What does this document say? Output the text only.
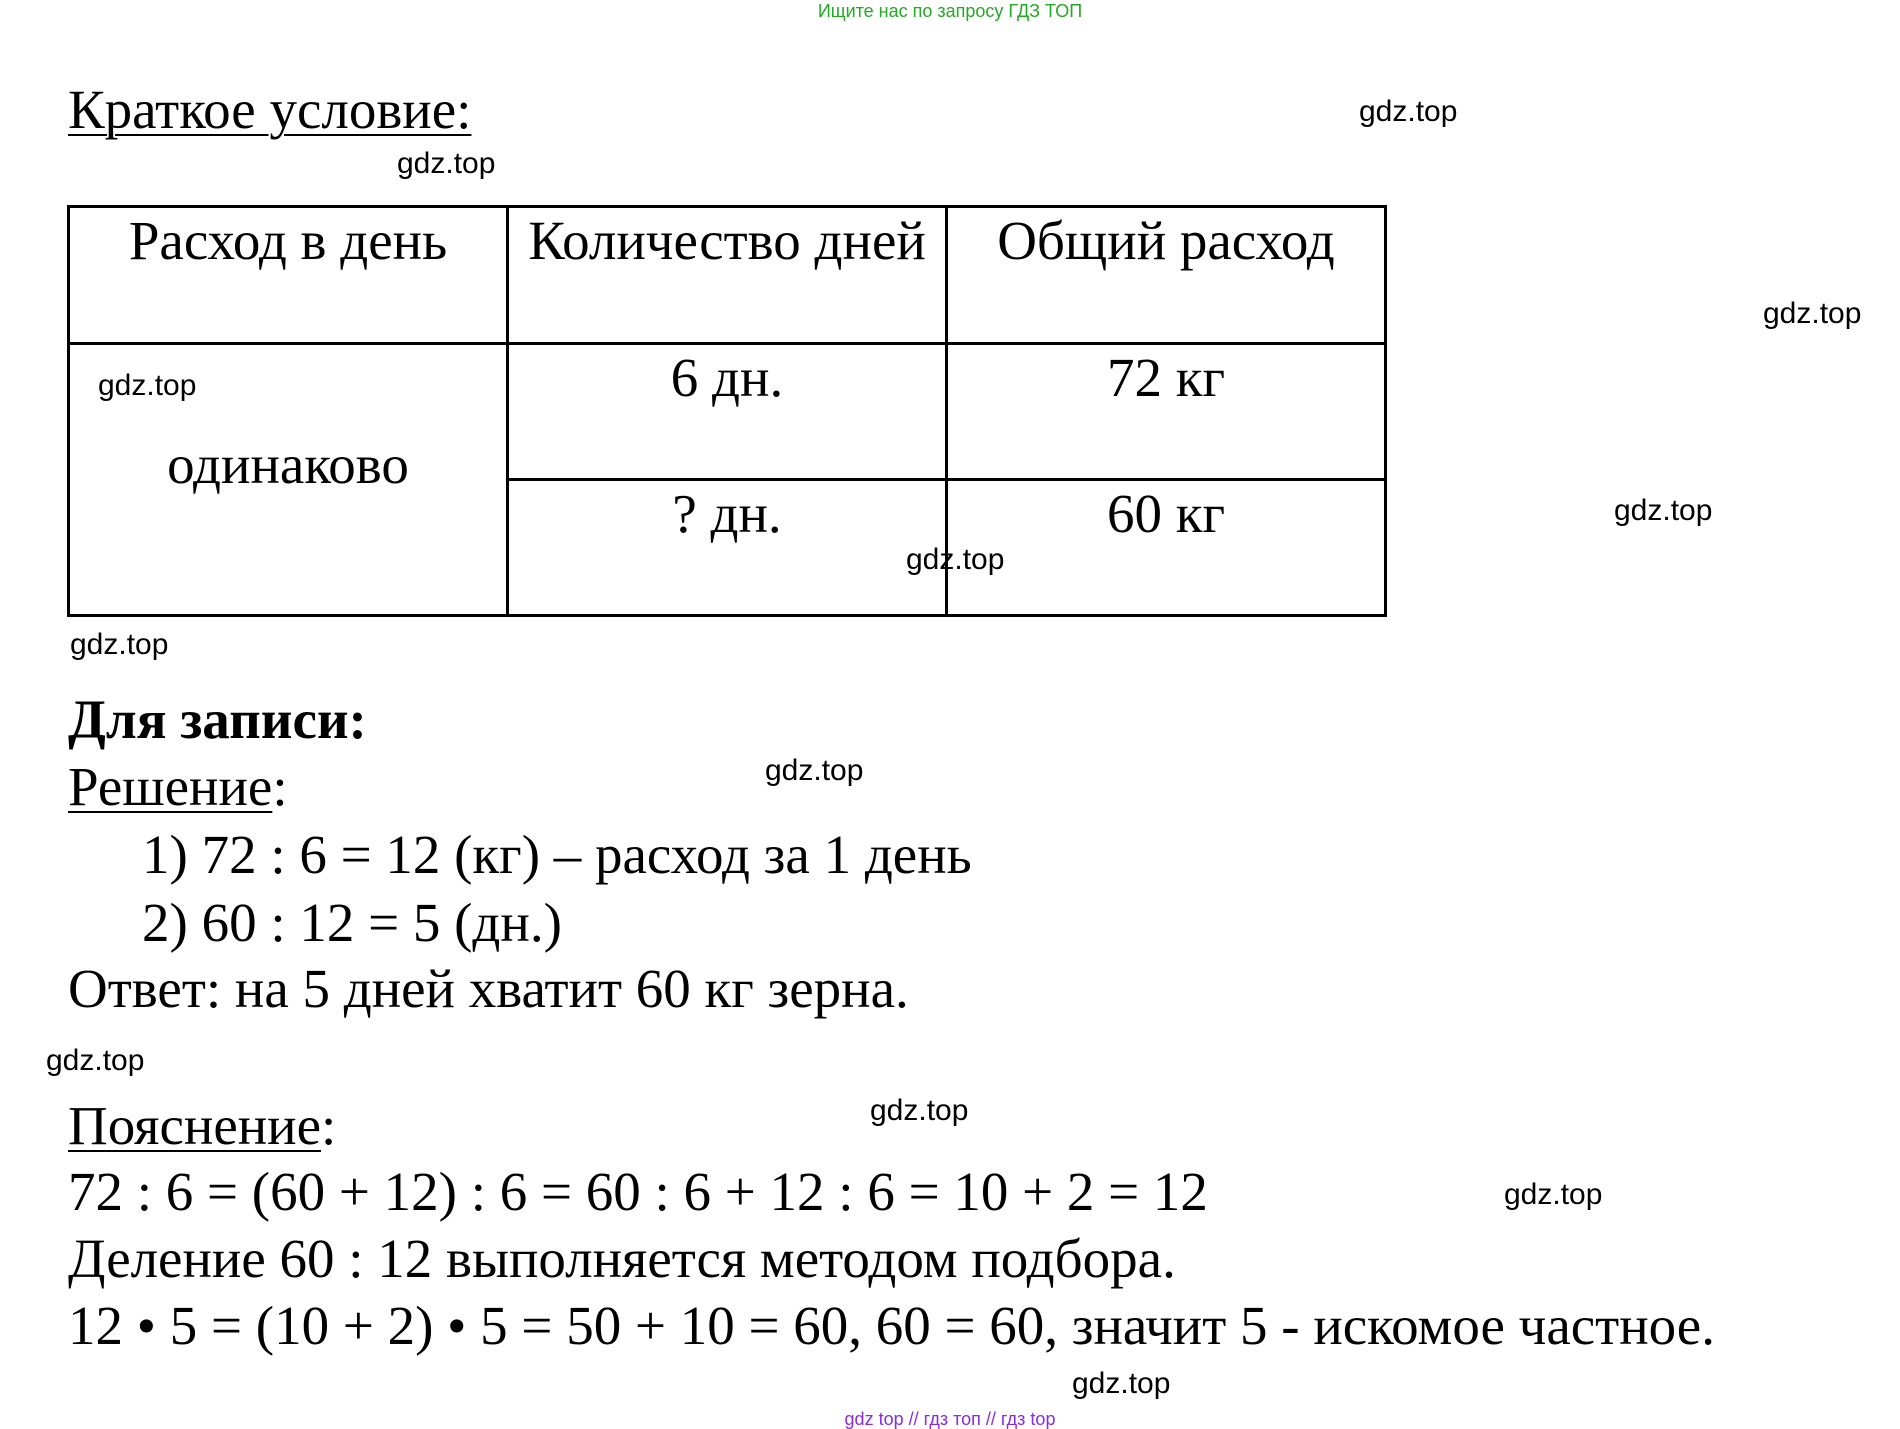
Ищите нас по запросу ГДЗ ТОП
Краткое условие:
Расход в день	Количество дней	Общий расход
одинаково	6 дн.	72 кг
	? дн.	60 кг
Для записи:
Решение:
1) 72 : 6 = 12 (кг) – расход за 1 день
2) 60 : 12 = 5 (дн.)
Ответ: на 5 дней хватит 60 кг зерна.
Пояснение:
72 : 6 = (60 + 12) : 6 = 60 : 6 + 12 : 6 = 10 + 2 = 12
Деление 60 : 12 выполняется методом подбора.
12 • 5 = (10 + 2) • 5 = 50 + 10 = 60, 60 = 60, значит 5 - искомое частное.
gdz.top
gdz.top
gdz.top
gdz.top
gdz.top
gdz.top
gdz.top
gdz.top
gdz.top
gdz.top
gdz.top
gdz.top
gdz top // гдз топ // гдз top
